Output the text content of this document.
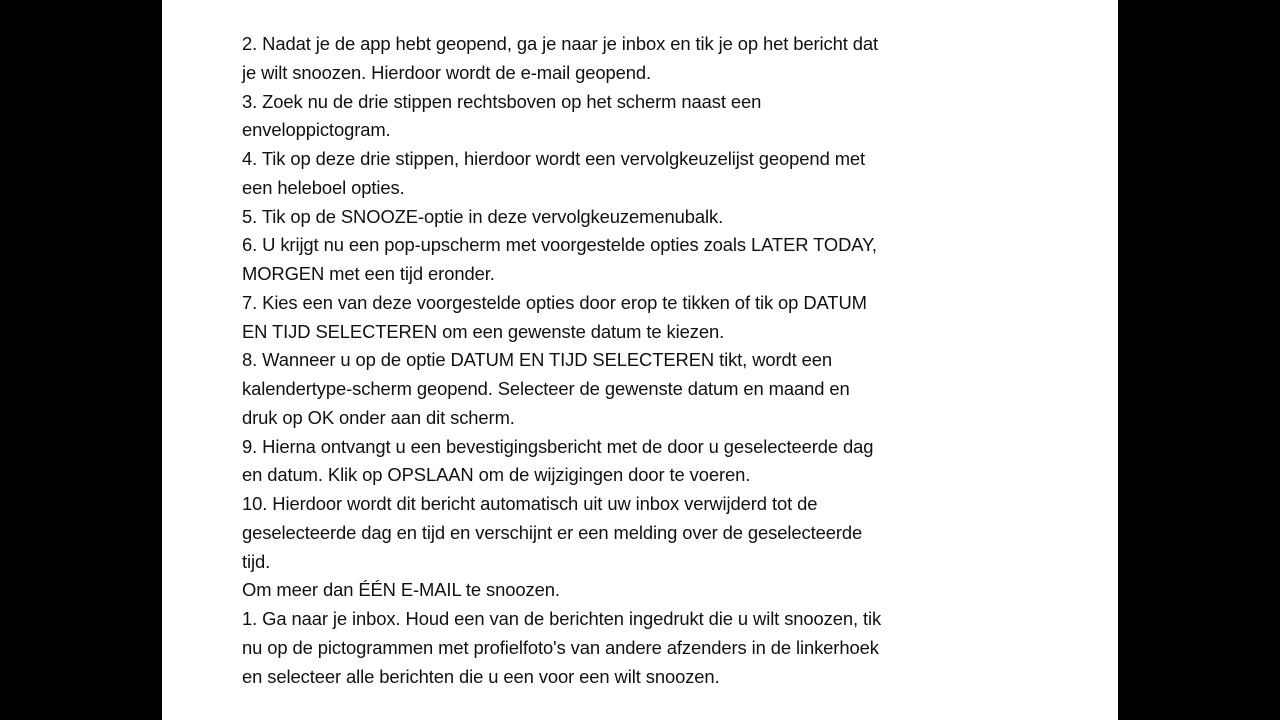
2. Nadat je de app hebt geopend, ga je naar je inbox en tik je op het bericht dat
je wilt snoozen. Hierdoor wordt de e-mail geopend.
3. Zoek nu de drie stippen rechtsboven op het scherm naast een
enveloppictogram.
4. Tik op deze drie stippen, hierdoor wordt een vervolgkeuzelijst geopend met
een heleboel opties.
5. Tik op de SNOOZE-optie in deze vervolgkeuzemenubalk.
6. U krijgt nu een pop-upscherm met voorgestelde opties zoals LATER TODAY,
MORGEN met een tijd eronder.
7. Kies een van deze voorgestelde opties door erop te tikken of tik op DATUM
EN TIJD SELECTEREN om een gewenste datum te kiezen.
8. Wanneer u op de optie DATUM EN TIJD SELECTEREN tikt, wordt een
kalendertype-scherm geopend. Selecteer de gewenste datum en maand en
druk op OK onder aan dit scherm.
9. Hierna ontvangt u een bevestigingsbericht met de door u geselecteerde dag
en datum. Klik op OPSLAAN om de wijzigingen door te voeren.
10. Hierdoor wordt dit bericht automatisch uit uw inbox verwijderd tot de
geselecteerde dag en tijd en verschijnt er een melding over de geselecteerde
tijd.
Om meer dan ÉÉN E-MAIL te snoozen.
1. Ga naar je inbox. Houd een van de berichten ingedrukt die u wilt snoozen, tik
nu op de pictogrammen met profielfoto's van andere afzenders in de linkerhoek
en selecteer alle berichten die u een voor een wilt snoozen.
